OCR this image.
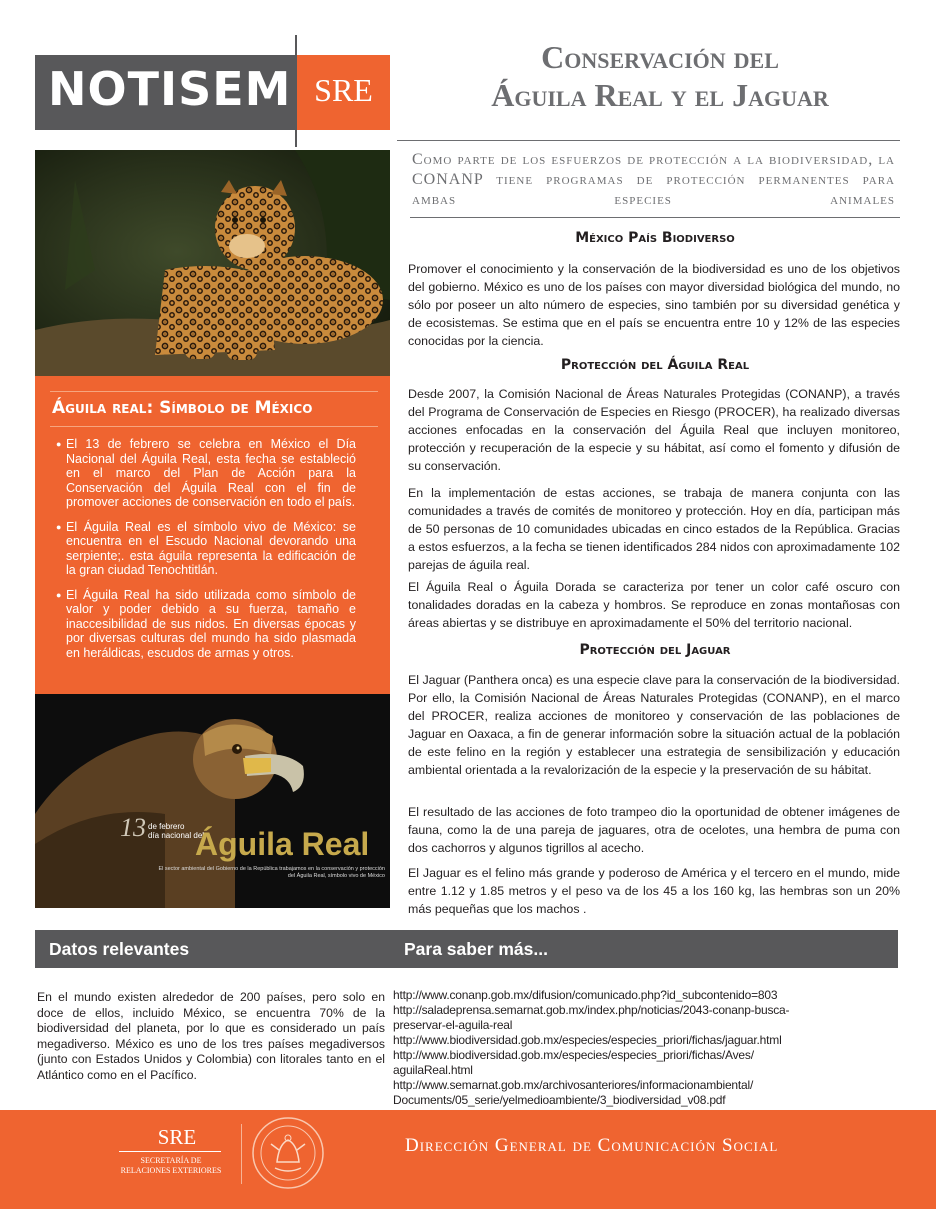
NOTISEM SRE
Conservación del
Águila Real y el Jaguar
Como parte de los esfuerzos de protección a la biodiversidad, la CONANP tiene programas de protección permanentes para ambas especies animales
Águila real: Símbolo de México
● El 13 de febrero se celebra en México el Día Nacional del Águila Real, esta fecha se estableció en el marco del Plan de Acción para la Conservación del Águila Real con el fin de promover acciones de conservación en todo el país.
● El Águila Real es el símbolo vivo de México: se encuentra en el Escudo Nacional devorando una serpiente;. esta águila representa la edificación de la gran ciudad Tenochtitlán.
● El Águila Real ha sido utilizada como símbolo de valor y poder debido a su fuerza, tamaño e inaccesibilidad de sus nidos. En diversas épocas y por diversas culturas del mundo ha sido plasmada en heráldicas, escudos de armas y otros.
13 de febrero
día nacional del
Águila Real
El sector ambiental del Gobierno de la República trabajamos en la conservación y protección del Águila Real, símbolo vivo de México
México País Biodiverso

Promover el conocimiento y la conservación de la biodiversidad es uno de los objetivos del gobierno. México es uno de los países con mayor diversidad biológica del mundo, no sólo por poseer un alto número de especies, sino también por su diversidad genética y de ecosistemas. Se estima que en el país se encuentra entre 10 y 12% de las especies conocidas por la ciencia.

Protección del Águila Real

Desde 2007, la Comisión Nacional de Áreas Naturales Protegidas (CONANP), a través del Programa de Conservación de Especies en Riesgo (PROCER), ha realizado diversas acciones enfocadas en la conservación del Águila Real que incluyen monitoreo, protección y recuperación de la especie y su hábitat, así como el fomento y difusión de su conservación.

En la implementación de estas acciones, se trabaja de manera conjunta con las comunidades a través de comités de monitoreo y protección. Hoy en día, participan más de 50 personas de 10 comunidades ubicadas en cinco estados de la República. Gracias a estos esfuerzos, a la fecha se tienen identificados 284 nidos con aproximadamente 102 parejas de águila real.

El Águila Real o Águila Dorada se caracteriza por tener un color café oscuro con tonalidades doradas en la cabeza y hombros. Se reproduce en zonas montañosas con áreas abiertas y se distribuye en aproximadamente el 50% del territorio nacional.

Protección del Jaguar

El Jaguar (Panthera onca) es una especie clave para la conservación de la biodiversidad. Por ello, la Comisión Nacional de Áreas Naturales Protegidas (CONANP), en el marco del PROCER, realiza acciones de monitoreo y conservación de las poblaciones de Jaguar en Oaxaca, a fin de generar información sobre la situación actual de la población de este felino en la región y establecer una estrategia de sensibilización y educación ambiental orientada a la revalorización de la especie y la preservación de su hábitat.

El resultado de las acciones de foto trampeo dio la oportunidad de obtener imágenes de fauna, como la de una pareja de jaguares, otra de ocelotes, una hembra de puma con dos cachorros y algunos tigrillos al acecho.

El Jaguar es el felino más grande y poderoso de América y el tercero en el mundo, mide entre 1.12 y 1.85 metros y el peso va de los 45 a los 160 kg, las hembras son un 20% más pequeñas que los machos .

Datos relevantes	Para saber más...

En el mundo existen alrededor de 200 países, pero solo en doce de ellos, incluido México, se encuentra 70% de la biodiversidad del planeta, por lo que es considerado un país megadiverso. México es uno de los tres países megadiversos (junto con Estados Unidos y Colombia) con litorales tanto en el Atlántico como en el Pacífico.

http://www.conanp.gob.mx/difusion/comunicado.php?id_subcontenido=803
http://saladeprensa.semarnat.gob.mx/index.php/noticias/2043-conanp-busca-
preservar-el-aguila-real
http://www.biodiversidad.gob.mx/especies/especies_priori/fichas/jaguar.html
http://www.biodiversidad.gob.mx/especies/especies_priori/fichas/Aves/
aguilaReal.html
http://www.semarnat.gob.mx/archivosanteriores/informacionambiental/
Documents/05_serie/yelmedioambiente/3_biodiversidad_v08.pdf
SRE
SECRETARÍA DE
RELACIONES EXTERIORES
Dirección General de Comunicación Social
